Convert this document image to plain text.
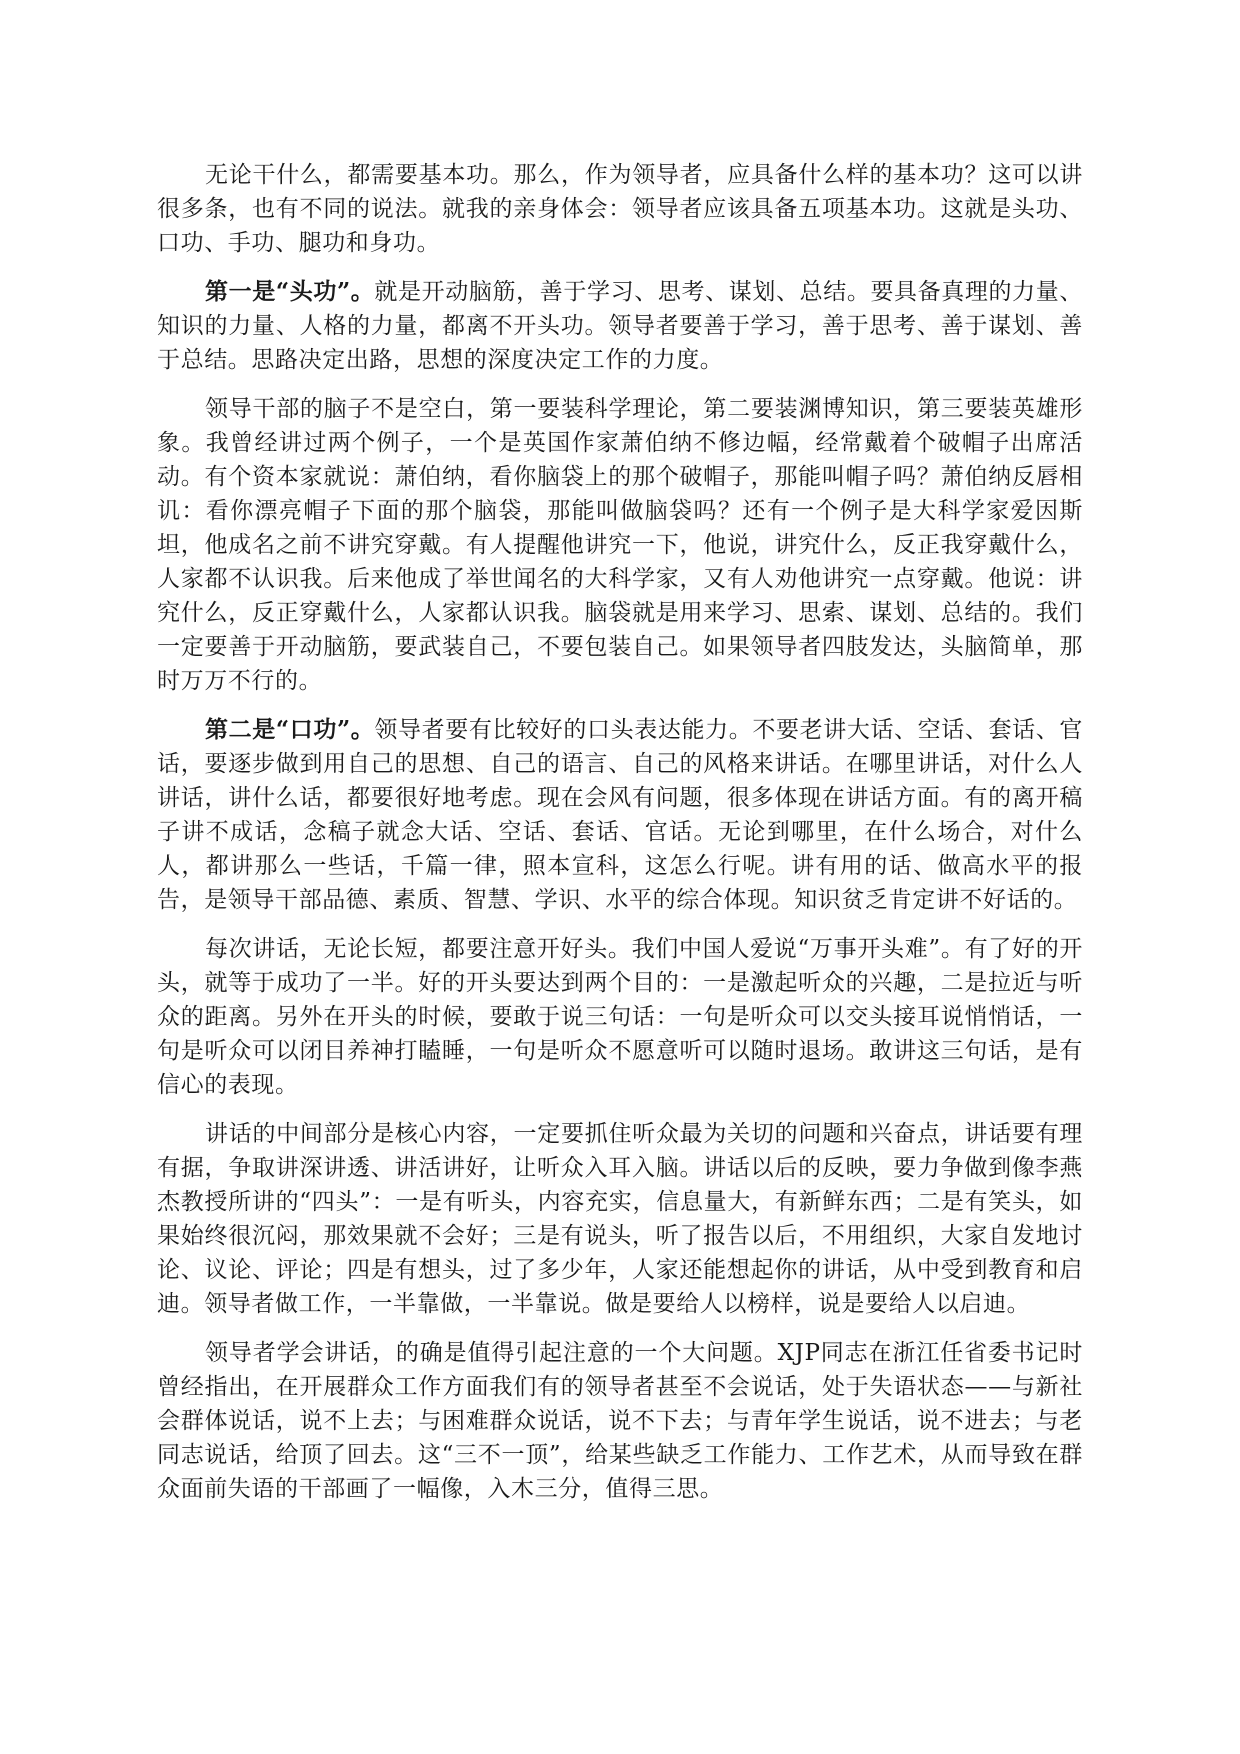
无论干什么，都需要基本功。那么，作为领导者，应具备什么样的基本功？这可以讲很多条，也有不同的说法。就我的亲身体会：领导者应该具备五项基本功。这就是头功、口功、手功、腿功和身功。

第一是“头功”。就是开动脑筋，善于学习、思考、谋划、总结。要具备真理的力量、知识的力量、人格的力量，都离不开头功。领导者要善于学习，善于思考、善于谋划、善于总结。思路决定出路，思想的深度决定工作的力度。

领导干部的脑子不是空白，第一要装科学理论，第二要装渊博知识，第三要装英雄形象。我曾经讲过两个例子，一个是英国作家萧伯纳不修边幅，经常戴着个破帽子出席活动。有个资本家就说：萧伯纳，看你脑袋上的那个破帽子，那能叫帽子吗？萧伯纳反唇相讥：看你漂亮帽子下面的那个脑袋，那能叫做脑袋吗？还有一个例子是大科学家爱因斯坦，他成名之前不讲究穿戴。有人提醒他讲究一下，他说，讲究什么，反正我穿戴什么，人家都不认识我。后来他成了举世闻名的大科学家，又有人劝他讲究一点穿戴。他说：讲究什么，反正穿戴什么，人家都认识我。脑袋就是用来学习、思索、谋划、总结的。我们一定要善于开动脑筋，要武装自己，不要包装自己。如果领导者四肢发达，头脑简单，那时万万不行的。

第二是“口功”。领导者要有比较好的口头表达能力。不要老讲大话、空话、套话、官话，要逐步做到用自己的思想、自己的语言、自己的风格来讲话。在哪里讲话，对什么人讲话，讲什么话，都要很好地考虑。现在会风有问题，很多体现在讲话方面。有的离开稿子讲不成话，念稿子就念大话、空话、套话、官话。无论到哪里，在什么场合，对什么人，都讲那么一些话，千篇一律，照本宣科，这怎么行呢。讲有用的话、做高水平的报告，是领导干部品德、素质、智慧、学识、水平的综合体现。知识贫乏肯定讲不好话的。

每次讲话，无论长短，都要注意开好头。我们中国人爱说“万事开头难”。有了好的开头，就等于成功了一半。好的开头要达到两个目的：一是激起听众的兴趣，二是拉近与听众的距离。另外在开头的时候，要敢于说三句话：一句是听众可以交头接耳说悄悄话，一句是听众可以闭目养神打瞌睡，一句是听众不愿意听可以随时退场。敢讲这三句话，是有信心的表现。

讲话的中间部分是核心内容，一定要抓住听众最为关切的问题和兴奋点，讲话要有理有据，争取讲深讲透、讲活讲好，让听众入耳入脑。讲话以后的反映，要力争做到像李燕杰教授所讲的“四头”：一是有听头，内容充实，信息量大，有新鲜东西；二是有笑头，如果始终很沉闷，那效果就不会好；三是有说头，听了报告以后，不用组织，大家自发地讨论、议论、评论；四是有想头，过了多少年，人家还能想起你的讲话，从中受到教育和启迪。领导者做工作，一半靠做，一半靠说。做是要给人以榜样，说是要给人以启迪。

领导者学会讲话，的确是值得引起注意的一个大问题。XJP同志在浙江任省委书记时曾经指出，在开展群众工作方面我们有的领导者甚至不会说话，处于失语状态——与新社会群体说话，说不上去；与困难群众说话，说不下去；与青年学生说话，说不进去；与老同志说话，给顶了回去。这“三不一顶”，给某些缺乏工作能力、工作艺术，从而导致在群众面前失语的干部画了一幅像，入木三分，值得三思。
